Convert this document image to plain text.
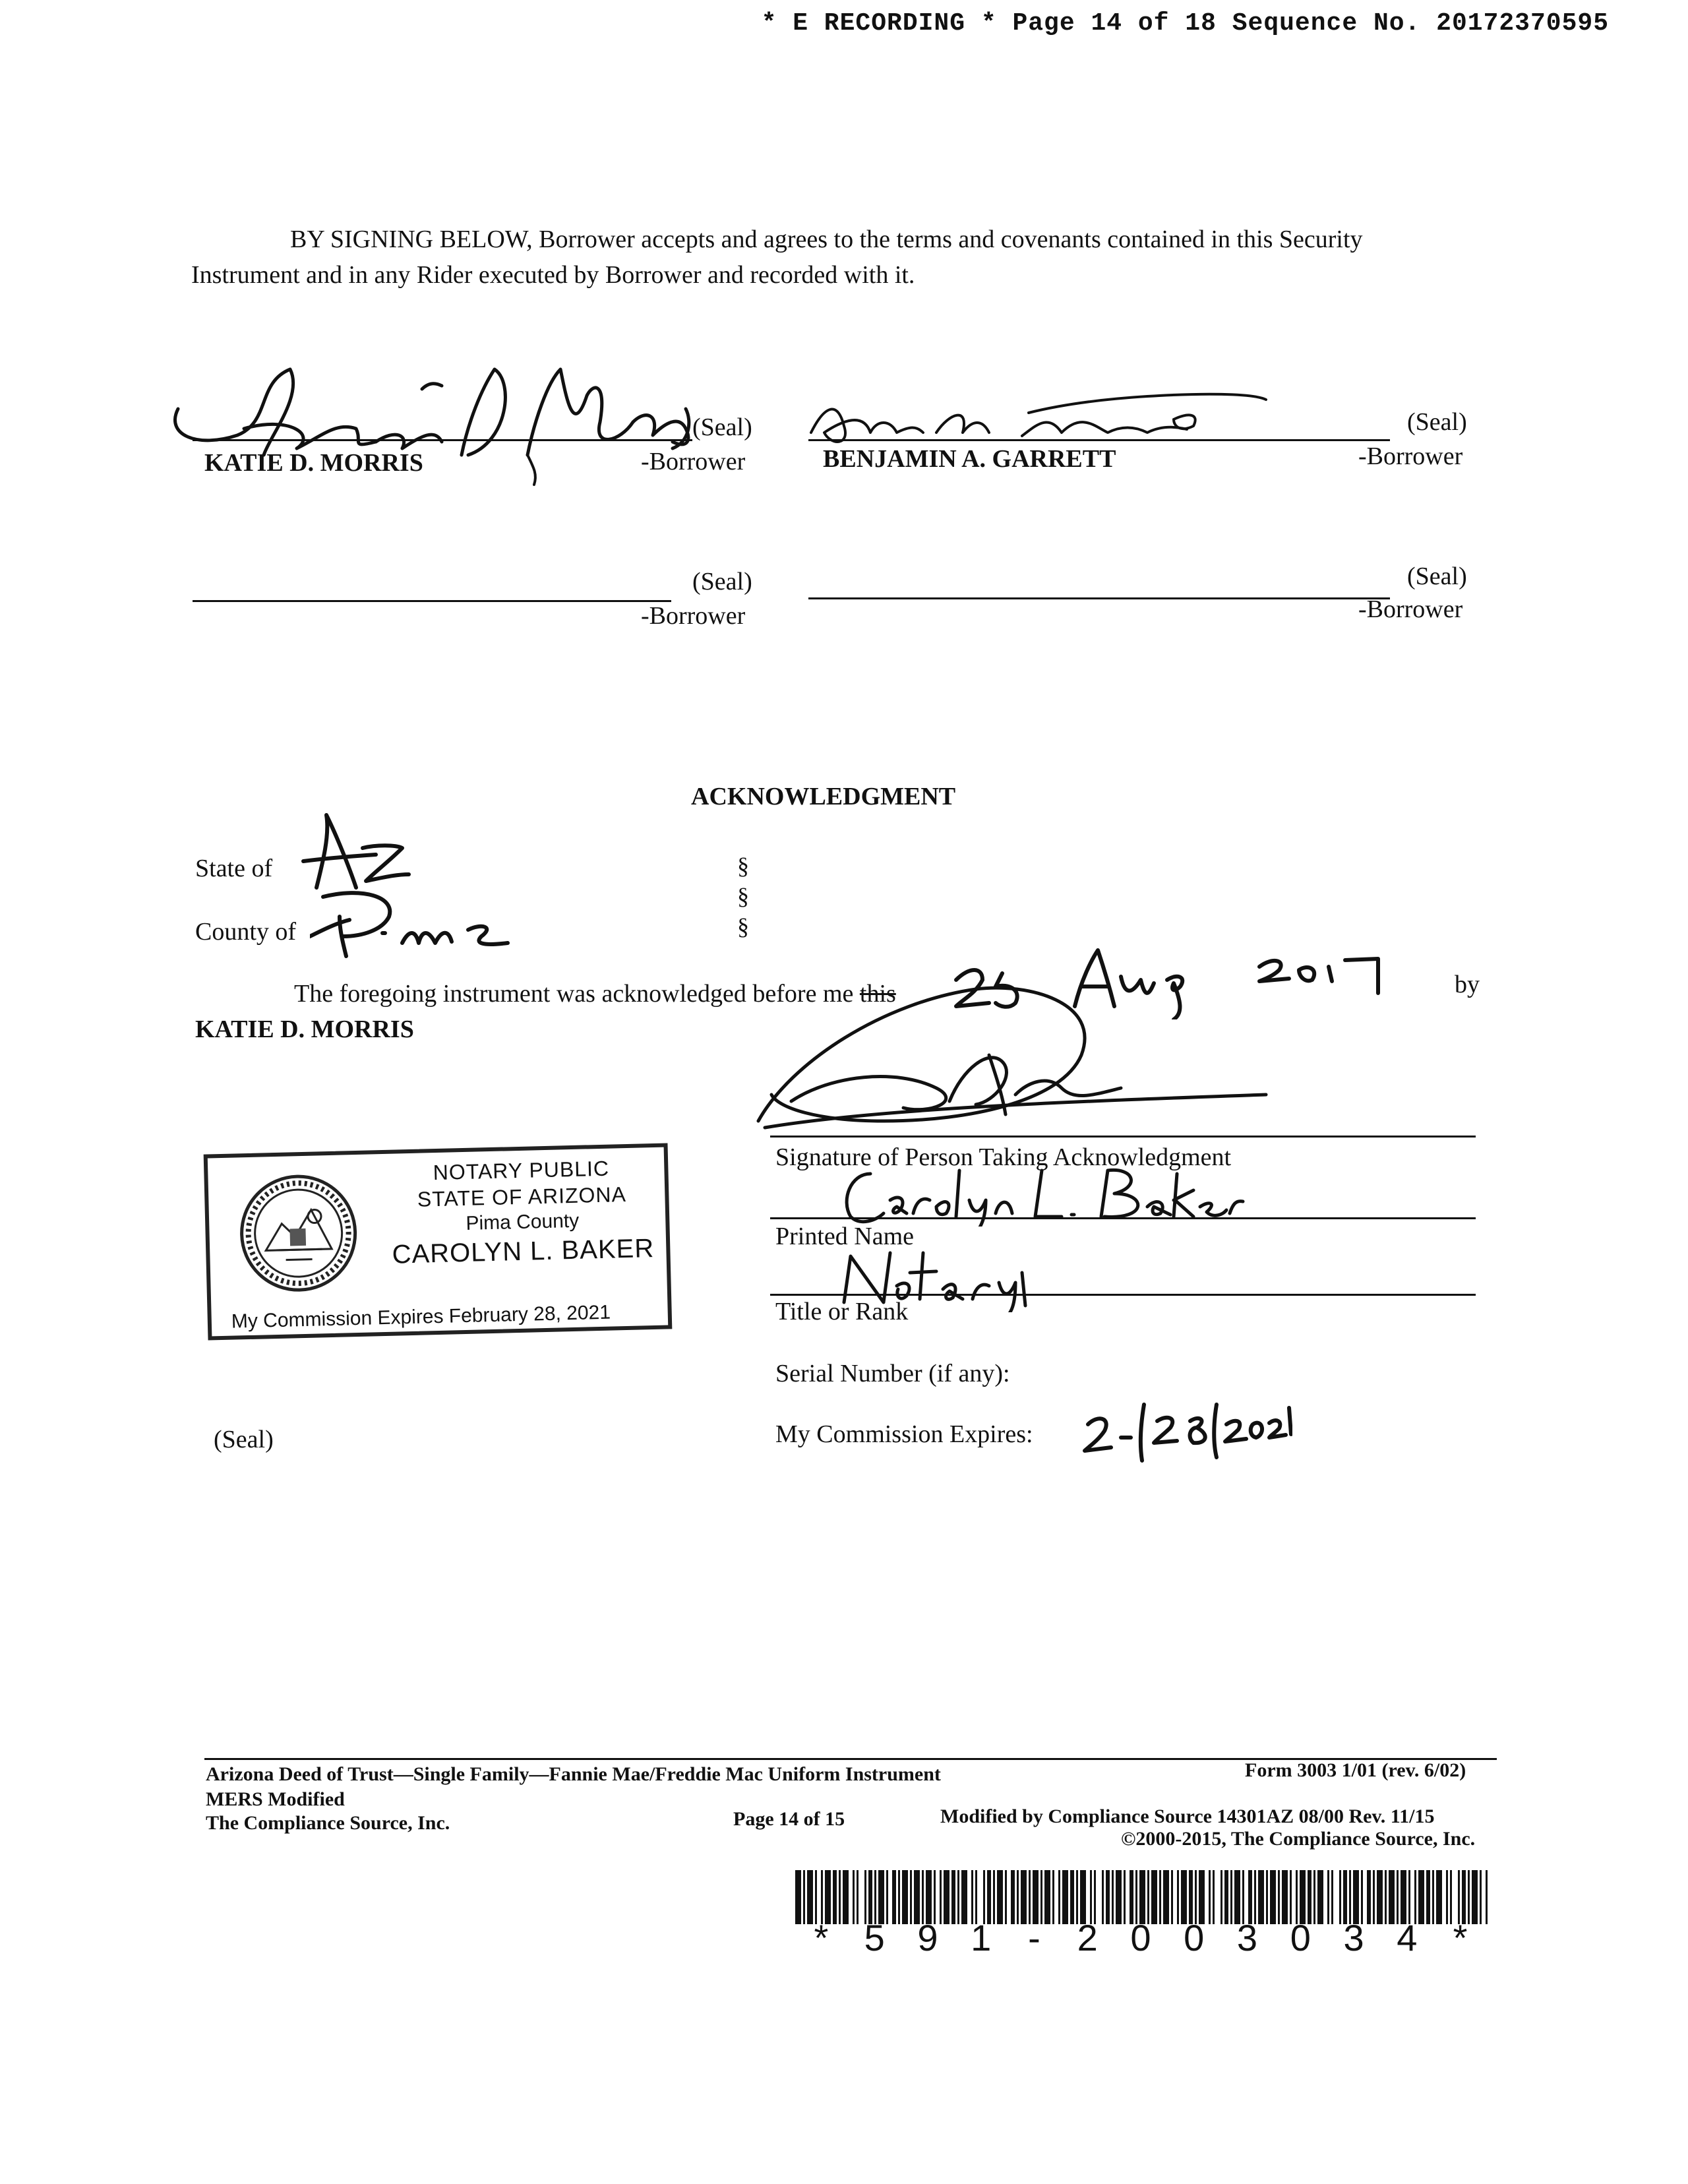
* E RECORDING * Page 14 of 18 Sequence No. 20172370595
BY SIGNING BELOW, Borrower accepts and agrees to the terms and covenants contained in this Security
Instrument and in any Rider executed by Borrower and recorded with it.
(Seal)
KATIE D. MORRIS	-Borrower
(Seal)
BENJAMIN A. GARRETT	-Borrower
(Seal)
-Borrower
(Seal)
-Borrower
ACKNOWLEDGMENT
State of
County of
§
§
§
The foregoing instrument was acknowledged before me this	by
KATIE D. MORRIS
Signature of Person Taking Acknowledgment
Printed Name
Title or Rank
Serial Number (if any):
My Commission Expires:
(Seal)
NOTARY PUBLIC
STATE OF ARIZONA
Pima County
CAROLYN L. BAKER
My Commission Expires February 28, 2021
Arizona Deed of Trust—Single Family—Fannie Mae/Freddie Mac Uniform Instrument	Form 3003 1/01 (rev. 6/02)
MERS Modified
The Compliance Source, Inc.	Page 14 of 15	Modified by Compliance Source 14301AZ 08/00 Rev. 11/15
©2000-2015, The Compliance Source, Inc.
* 5 9 1 - 2 0 0 3 0 3 4 *
